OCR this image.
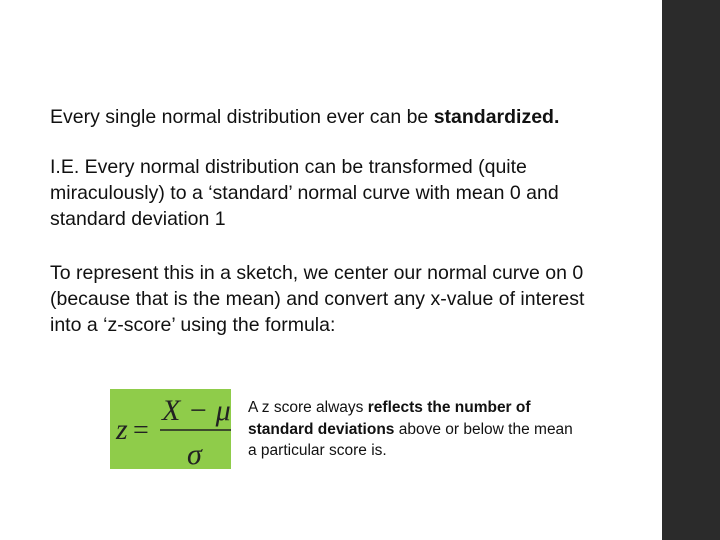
Every single normal distribution ever can be standardized.

I.E. Every normal distribution can be transformed (quite miraculously) to a ‘standard’ normal curve with mean 0 and standard deviation 1

To represent this in a sketch, we center our normal curve on 0 (because that is the mean) and convert any x-value of interest into a ‘z-score’ using the formula:

z =
X − μ
σ

A z score always reflects the number of standard deviations above or below the mean a particular score is.
